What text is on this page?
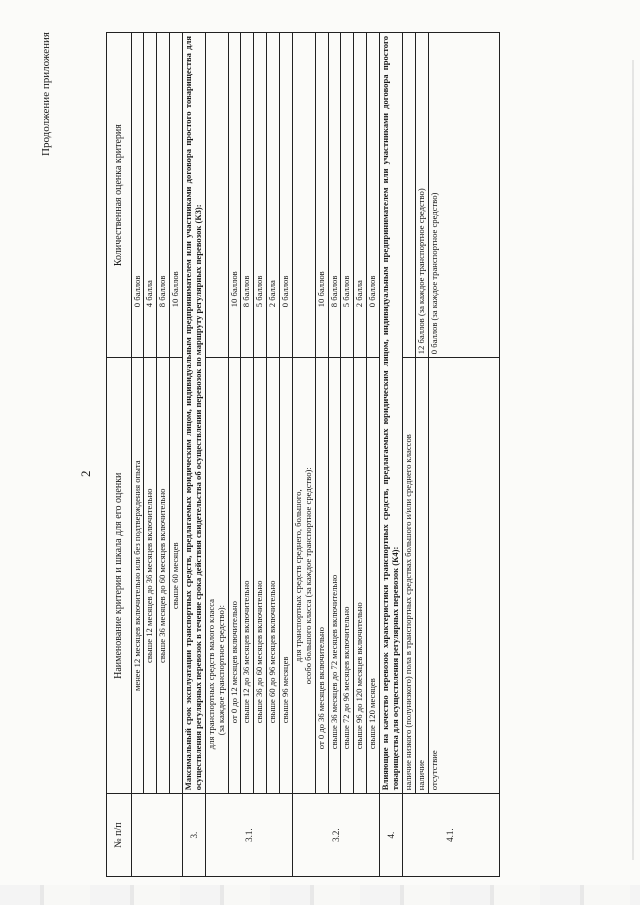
Продолжение приложения
2
№ п/п	Наименование критерия и шкала для его оценки	Количественная оценка критерия
	менее 12 месяцев включительно или без подтверждения опыта	0 баллов
	свыше 12 месяцев до 36 месяцев включительно	4 балла
	свыше 36 месяцев до 60 месяцев включительно	8 баллов
	свыше 60 месяцев	10 баллов
3.	Максимальный срок эксплуатации транспортных средств, предлагаемых юридическим лицом, индивидуальным предпринимателем или участниками договора простого товарищества для осуществления регулярных перевозок в течение срока действия свидетельства об осуществлении перевозок по маршруту регулярных перевозок (К3):	
3.1.	для транспортных средств малого класса (за каждое транспортное средство):	

	от 0 до 12 месяцев включительно	10 баллов
	свыше 12 до 36 месяцев включительно	8 баллов
	свыше 36 до 60 месяцев включительно	5 баллов
	свыше 60 до 96 месяцев включительно	2 балла
	свыше 96 месяцев	0 баллов
3.2.	для транспортных средств среднего, большого, особо большого класса (за каждое транспортное средство):	

	от 0 до 36 месяцев включительно	10 баллов
	свыше 36 месяцев до 72 месяцев включительно	8 баллов
	свыше 72 до 96 месяцев включительно	5 баллов
	свыше 96 до 120 месяцев включительно	2 балла
	свыше 120 месяцев	0 баллов
4.	Влияющие на качество перевозок характеристики транспортных средств, предлагаемых юридическим лицом, индивидуальным предпринимателем или участниками договора простого товарищества для осуществления регулярных перевозок (К4):	
4.1.	наличие низкого (полунизкого) пола в транспортных средствах большого и/или среднего классов	
	наличие	12 баллов (за каждое транспортное средство)
	отсутствие	0 баллов (за каждое транспортное средство)
